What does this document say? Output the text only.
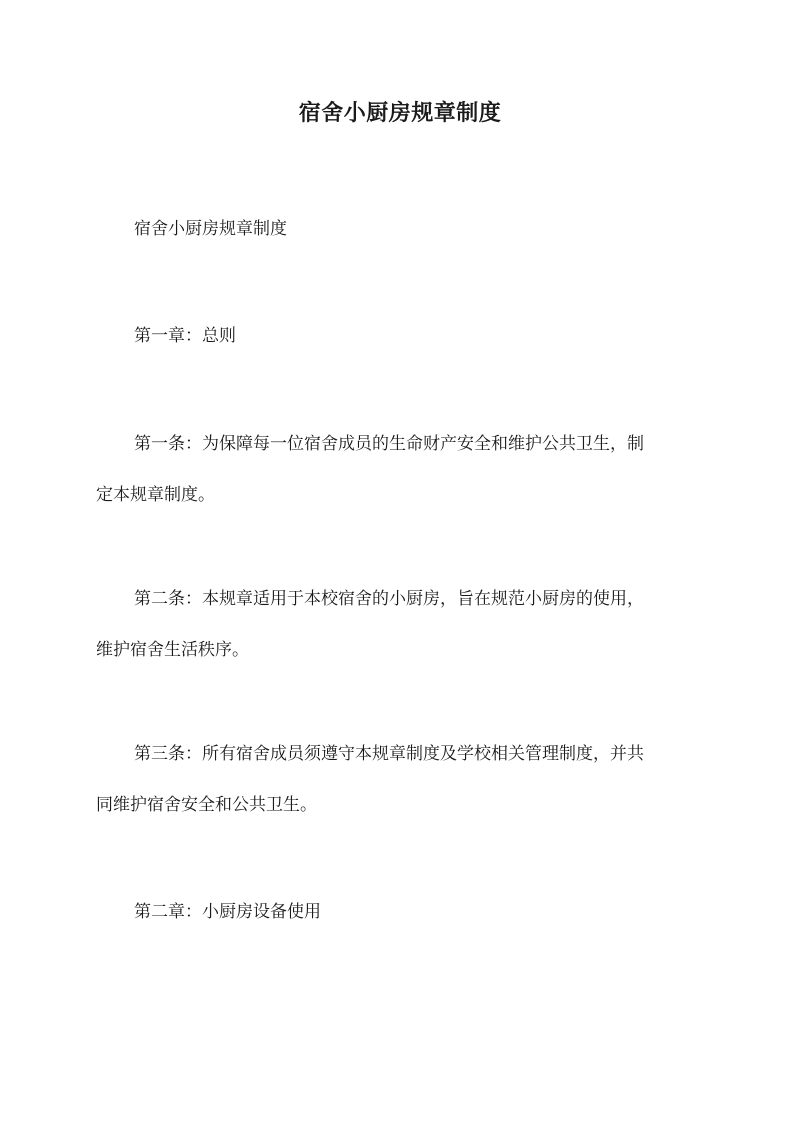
宿舍小厨房规章制度
宿舍小厨房规章制度
第一章：总则
第一条：为保障每一位宿舍成员的生命财产安全和维护公共卫生，制
定本规章制度。
第二条：本规章适用于本校宿舍的小厨房，旨在规范小厨房的使用，
维护宿舍生活秩序。
第三条：所有宿舍成员须遵守本规章制度及学校相关管理制度，并共
同维护宿舍安全和公共卫生。
第二章：小厨房设备使用
